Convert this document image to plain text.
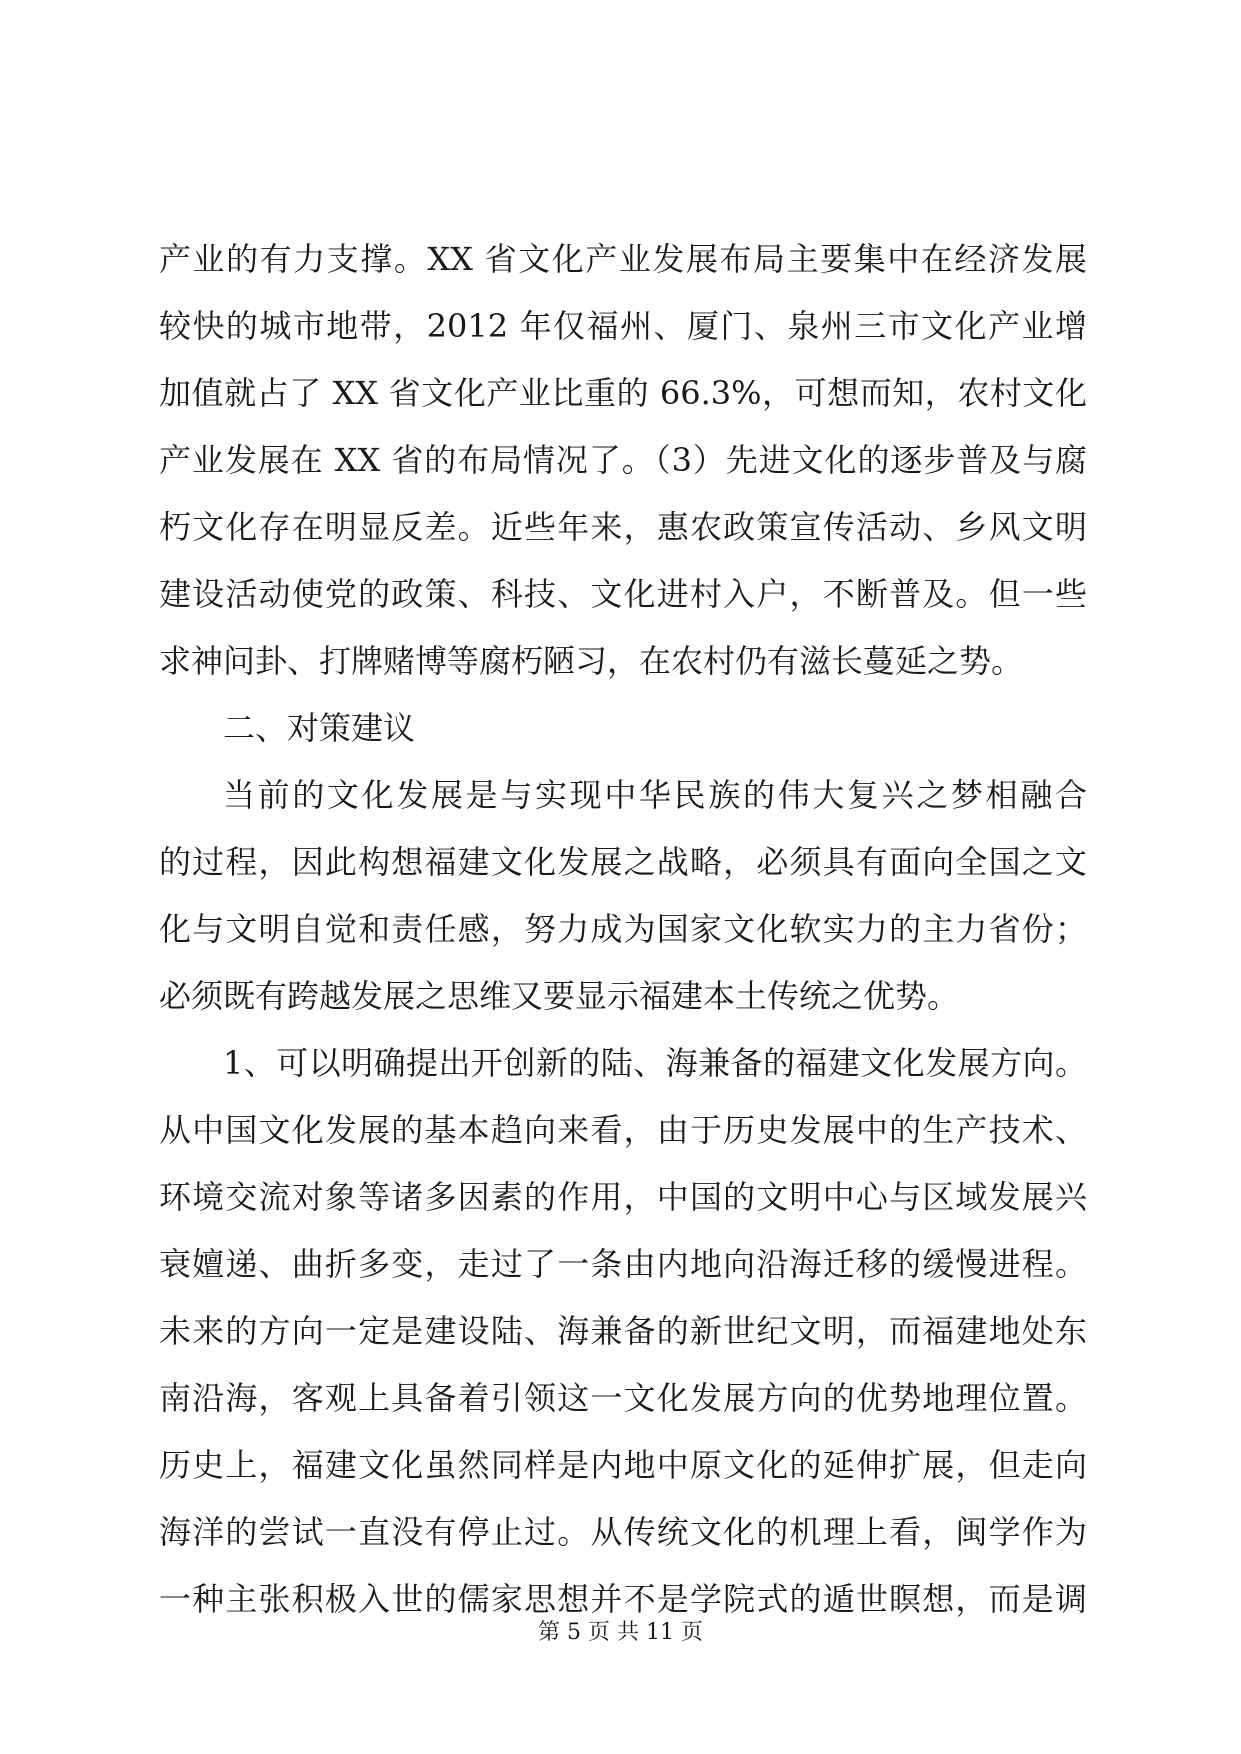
产业的有力支撑。XX 省文化产业发展布局主要集中在经济发展
较快的城市地带，2012 年仅福州、厦门、泉州三市文化产业增
加值就占了 XX 省文化产业比重的 66.3%，可想而知，农村文化
产业发展在 XX 省的布局情况了。（3）先进文化的逐步普及与腐
朽文化存在明显反差。近些年来，惠农政策宣传活动、乡风文明
建设活动使党的政策、科技、文化进村入户，不断普及。但一些
求神问卦、打牌赌博等腐朽陋习，在农村仍有滋长蔓延之势。
二、对策建议
当前的文化发展是与实现中华民族的伟大复兴之梦相融合
的过程，因此构想福建文化发展之战略，必须具有面向全国之文
化与文明自觉和责任感，努力成为国家文化软实力的主力省份；
必须既有跨越发展之思维又要显示福建本土传统之优势。
1、可以明确提出开创新的陆、海兼备的福建文化发展方向。
从中国文化发展的基本趋向来看，由于历史发展中的生产技术、
环境交流对象等诸多因素的作用，中国的文明中心与区域发展兴
衰嬗递、曲折多变，走过了一条由内地向沿海迁移的缓慢进程。
未来的方向一定是建设陆、海兼备的新世纪文明，而福建地处东
南沿海，客观上具备着引领这一文化发展方向的优势地理位置。
历史上，福建文化虽然同样是内地中原文化的延伸扩展，但走向
海洋的尝试一直没有停止过。从传统文化的机理上看，闽学作为
一种主张积极入世的儒家思想并不是学院式的遁世瞑想，而是调
第 5 页 共 11 页
